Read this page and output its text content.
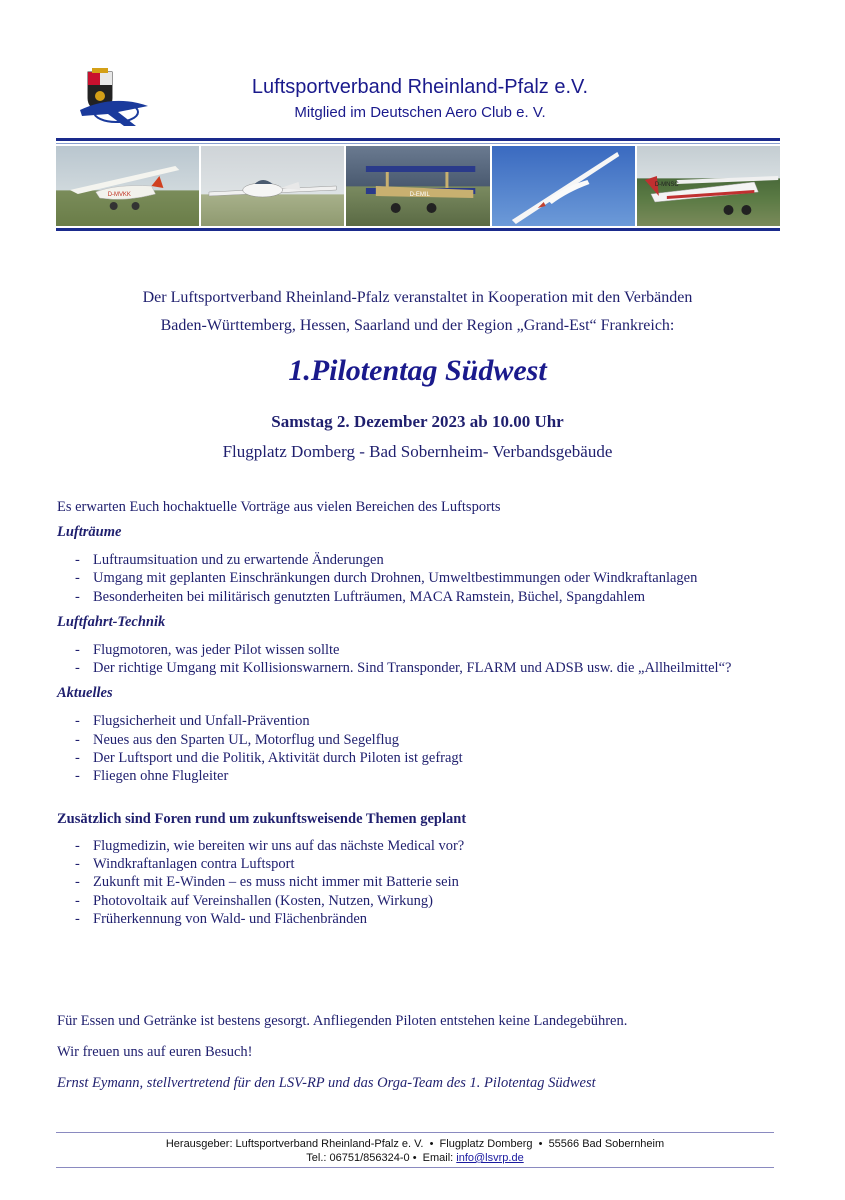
Luftsportverband Rheinland-Pfalz e.V.
Mitglied im Deutschen Aero Club e. V.
D-MVKK	D-EMIL
D-MNSC
Der Luftsportverband Rheinland-Pfalz veranstaltet in Kooperation mit den Verbänden
Baden-Württemberg, Hessen, Saarland und der Region „Grand-Est“ Frankreich:
1.Pilotentag Südwest
Samstag 2. Dezember 2023 ab 10.00 Uhr
Flugplatz Domberg - Bad Sobernheim- Verbandsgebäude

Es erwarten Euch hochaktuelle Vorträge aus vielen Bereichen des Luftsports

Lufträume

- Luftraumsituation und zu erwartende Änderungen
- Umgang mit geplanten Einschränkungen durch Drohnen, Umweltbestimmungen oder Windkraftanlagen
- Besonderheiten bei militärisch genutzten Lufträumen, MACA Ramstein, Büchel, Spangdahlem

Luftfahrt-Technik

- Flugmotoren, was jeder Pilot wissen sollte
- Der richtige Umgang mit Kollisionswarnern. Sind Transponder, FLARM und ADSB usw. die „Allheilmittel“?

Aktuelles

- Flugsicherheit und Unfall-Prävention
- Neues aus den Sparten UL, Motorflug und Segelflug
- Der Luftsport und die Politik, Aktivität durch Piloten ist gefragt
- Fliegen ohne Flugleiter

Zusätzlich sind Foren rund um zukunftsweisende Themen geplant

- Flugmedizin, wie bereiten wir uns auf das nächste Medical vor?
- Windkraftanlagen contra Luftsport
- Zukunft mit E-Winden – es muss nicht immer mit Batterie sein
- Photovoltaik auf Vereinshallen (Kosten, Nutzen, Wirkung)
- Früherkennung von Wald- und Flächenbränden

Für Essen und Getränke ist bestens gesorgt. Anfliegenden Piloten entstehen keine Landegebühren.

Wir freuen uns auf euren Besuch!

Ernst Eymann, stellvertretend für den LSV-RP und das Orga-Team des 1. Pilotentag Südwest

Herausgeber: Luftsportverband Rheinland-Pfalz e. V.  •  Flugplatz Domberg  •  55566 Bad Sobernheim
Tel.: 06751/856324-0 •  Email: info@lsvrp.de
